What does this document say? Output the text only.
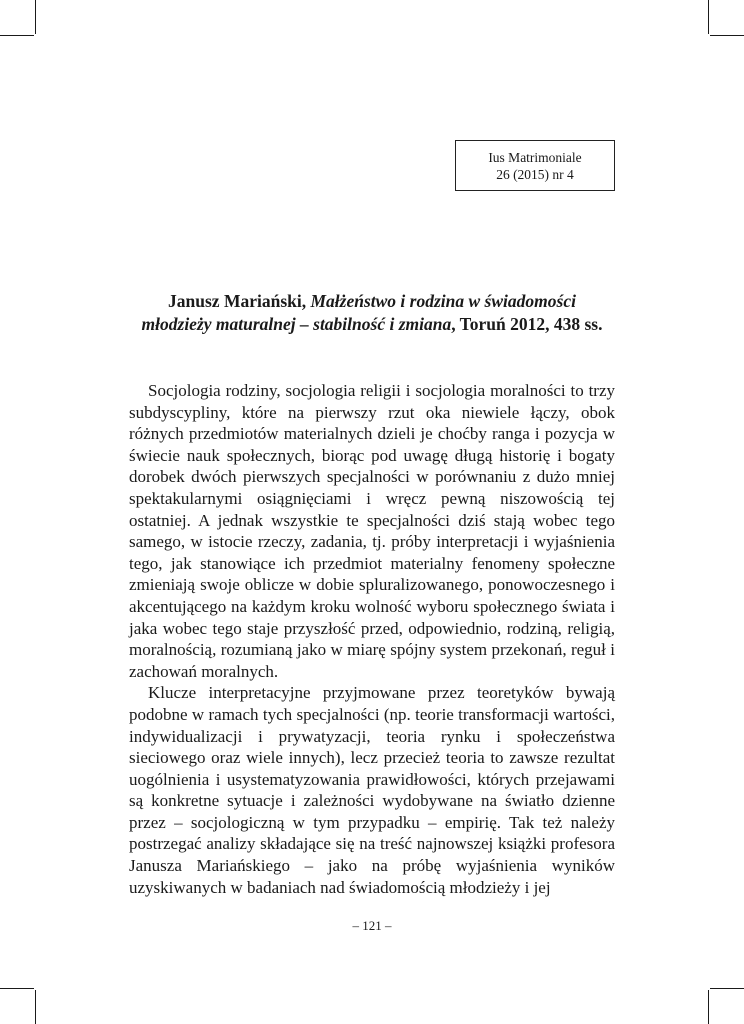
Ius Matrimoniale
26 (2015) nr 4
Janusz Mariański, Małżeństwo i rodzina w świadomości
młodzieży maturalnej – stabilność i zmiana, Toruń 2012, 438 ss.

Socjologia rodziny, socjologia religii i socjologia moralności to trzy subdyscypliny, które na pierwszy rzut oka niewiele łączy, obok różnych przedmiotów materialnych dzieli je choćby ranga i pozycja w świecie nauk społecznych, biorąc pod uwagę długą historię i bogaty dorobek dwóch pierwszych specjalności w porównaniu z dużo mniej spektakularnymi osiągnięciami i wręcz pewną niszowością tej ostatniej. A jednak wszystkie te specjalności dziś stają wobec tego samego, w istocie rzeczy, zadania, tj. próby interpretacji i wyjaśnienia tego, jak stanowiące ich przedmiot materialny fenomeny społeczne zmieniają swoje oblicze w dobie spluralizowanego, ponowoczesnego i akcentującego na każdym kroku wolność wyboru społecznego świata i jaka wobec tego staje przyszłość przed, odpowiednio, rodziną, religią, moralnością, rozumianą jako w miarę spójny system przekonań, reguł i zachowań moralnych.

Klucze interpretacyjne przyjmowane przez teoretyków bywają podobne w ramach tych specjalności (np. teorie transformacji wartości, indywidualizacji i prywatyzacji, teoria rynku i społeczeństwa sieciowego oraz wiele innych), lecz przecież teoria to zawsze rezultat uogólnienia i usystematyzowania prawidłowości, których przejawami są konkretne sytuacje i zależności wydobywane na światło dzienne przez – socjologiczną w tym przypadku – empirię. Tak też należy postrzegać analizy składające się na treść najnowszej książki profesora Janusza Mariańskiego – jako na próbę wyjaśnienia wyników uzyskiwanych w badaniach nad świadomością młodzieży i jej

– 121 –
